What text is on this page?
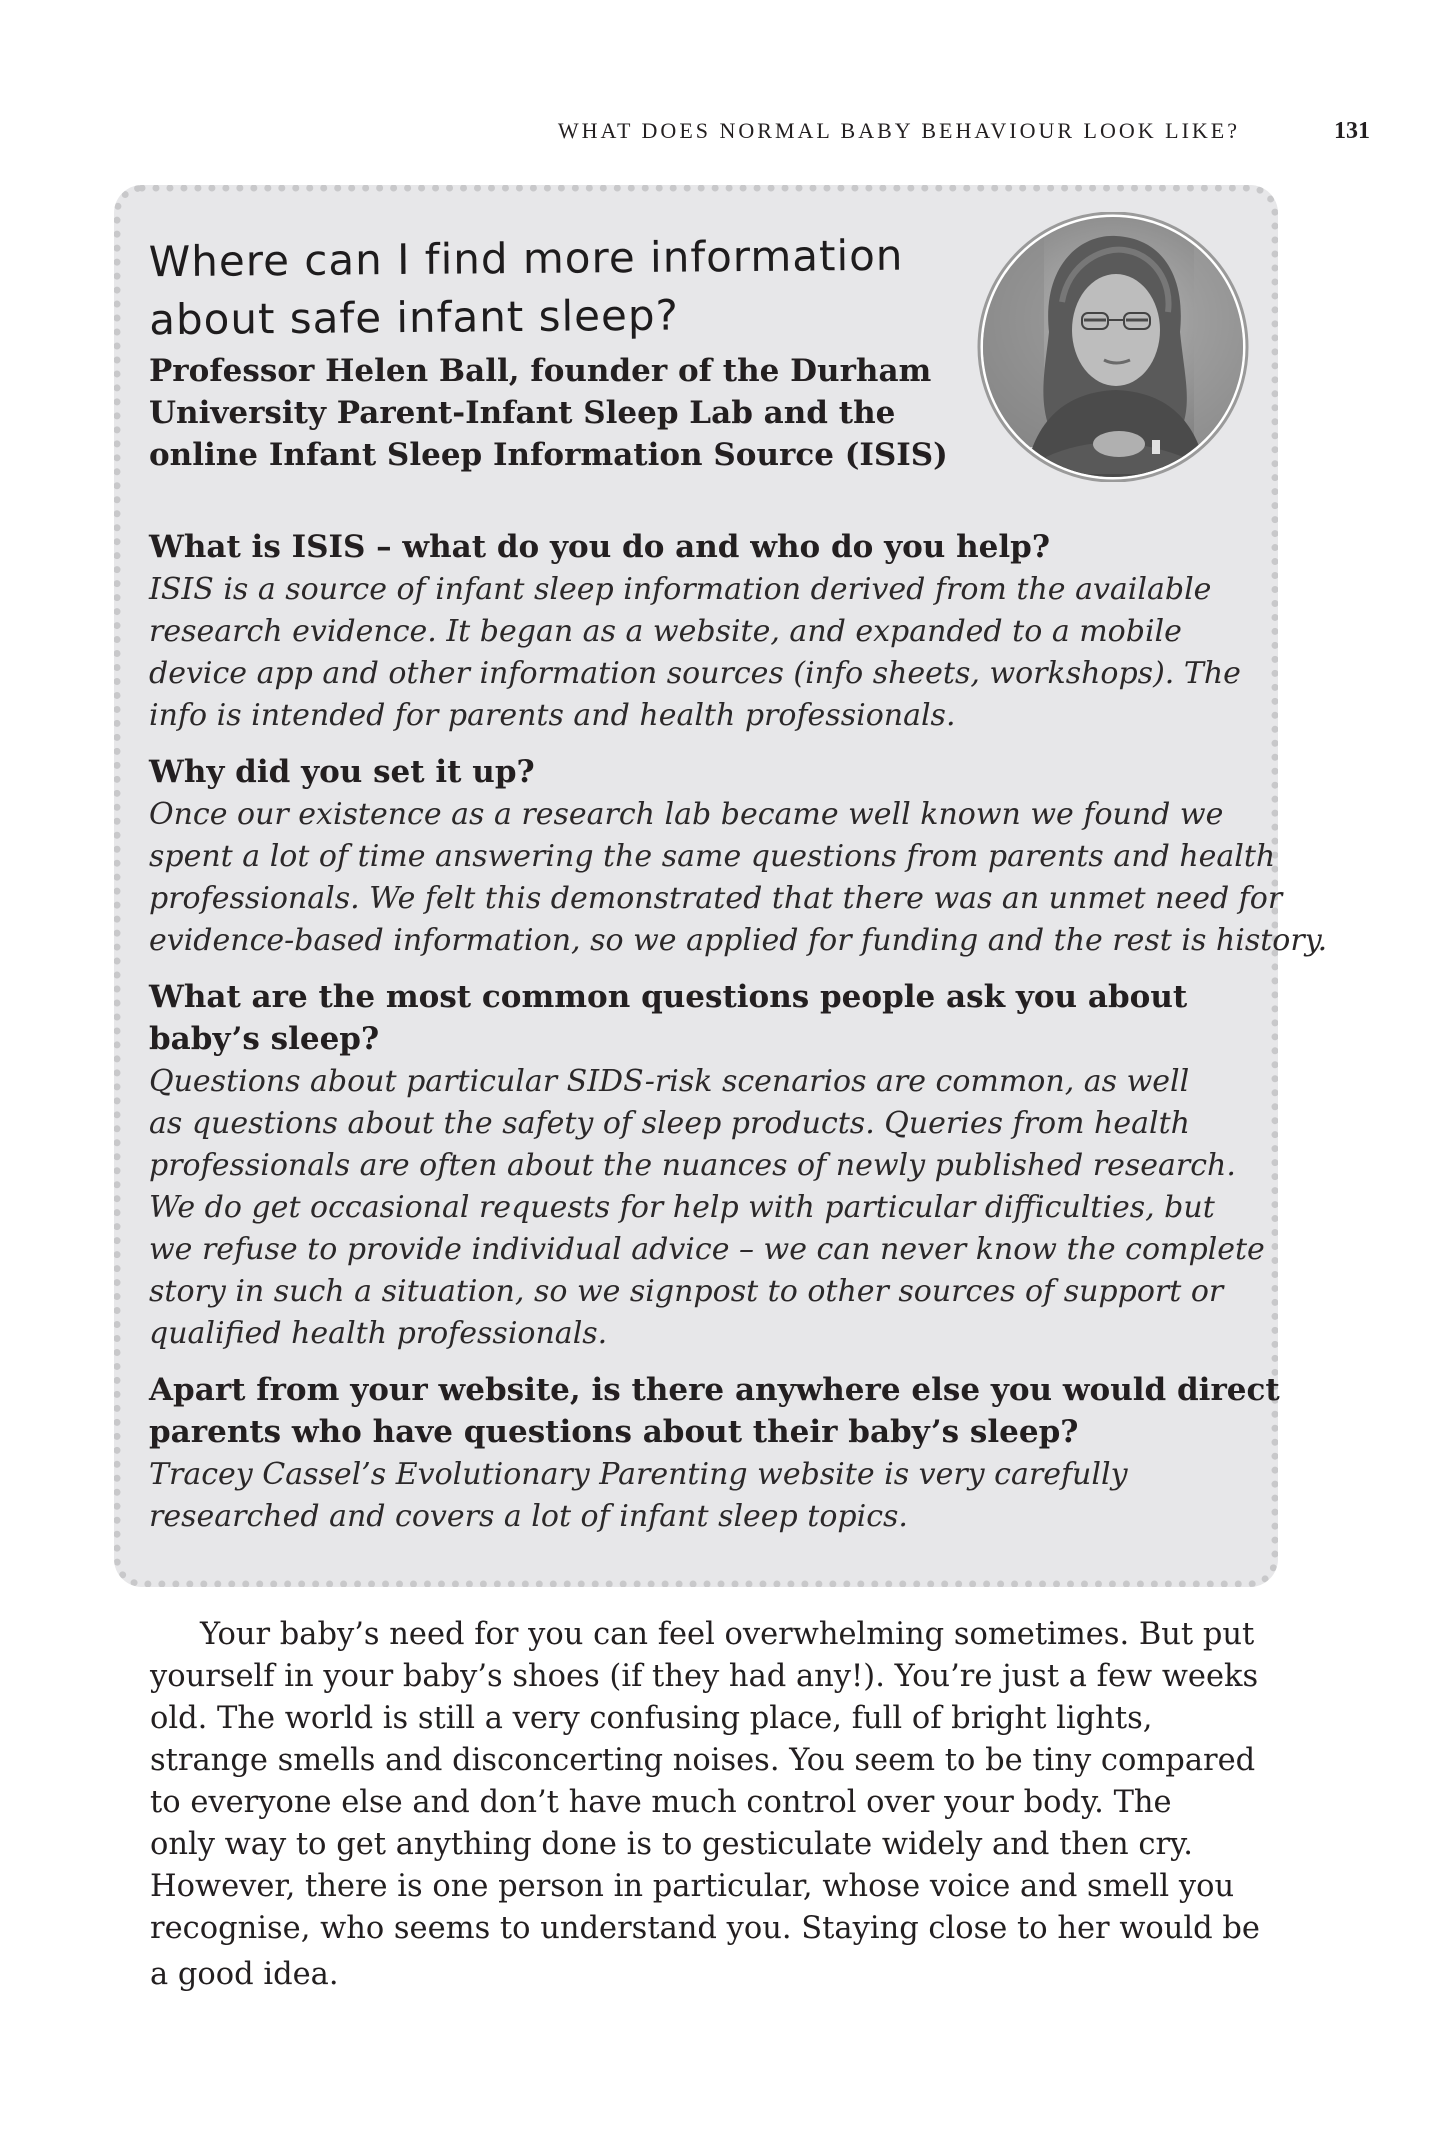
WHAT DOES NORMAL BABY BEHAVIOUR LOOK LIKE?	131
Where can I find more information
about safe infant sleep?
Professor Helen Ball, founder of the Durham
University Parent-Infant Sleep Lab and the
online Infant Sleep Information Source (ISIS)
What is ISIS – what do you do and who do you help?
ISIS is a source of infant sleep information derived from the available
research evidence. It began as a website, and expanded to a mobile
device app and other information sources (info sheets, workshops). The
info is intended for parents and health professionals.
Why did you set it up?
Once our existence as a research lab became well known we found we
spent a lot of time answering the same questions from parents and health
professionals. We felt this demonstrated that there was an unmet need for
evidence-based information, so we applied for funding and the rest is history.
What are the most common questions people ask you about
baby’s sleep?
Questions about particular SIDS-risk scenarios are common, as well
as questions about the safety of sleep products. Queries from health
professionals are often about the nuances of newly published research.
We do get occasional requests for help with particular difficulties, but
we refuse to provide individual advice – we can never know the complete
story in such a situation, so we signpost to other sources of support or
qualified health professionals.
Apart from your website, is there anywhere else you would direct
parents who have questions about their baby’s sleep?
Tracey Cassel’s Evolutionary Parenting website is very carefully
researched and covers a lot of infant sleep topics.
Your baby’s need for you can feel overwhelming sometimes. But put
yourself in your baby’s shoes (if they had any!). You’re just a few weeks
old. The world is still a very confusing place, full of bright lights,
strange smells and disconcerting noises. You seem to be tiny compared
to everyone else and don’t have much control over your body. The
only way to get anything done is to gesticulate widely and then cry.
However, there is one person in particular, whose voice and smell you
recognise, who seems to understand you. Staying close to her would be
a good idea.
